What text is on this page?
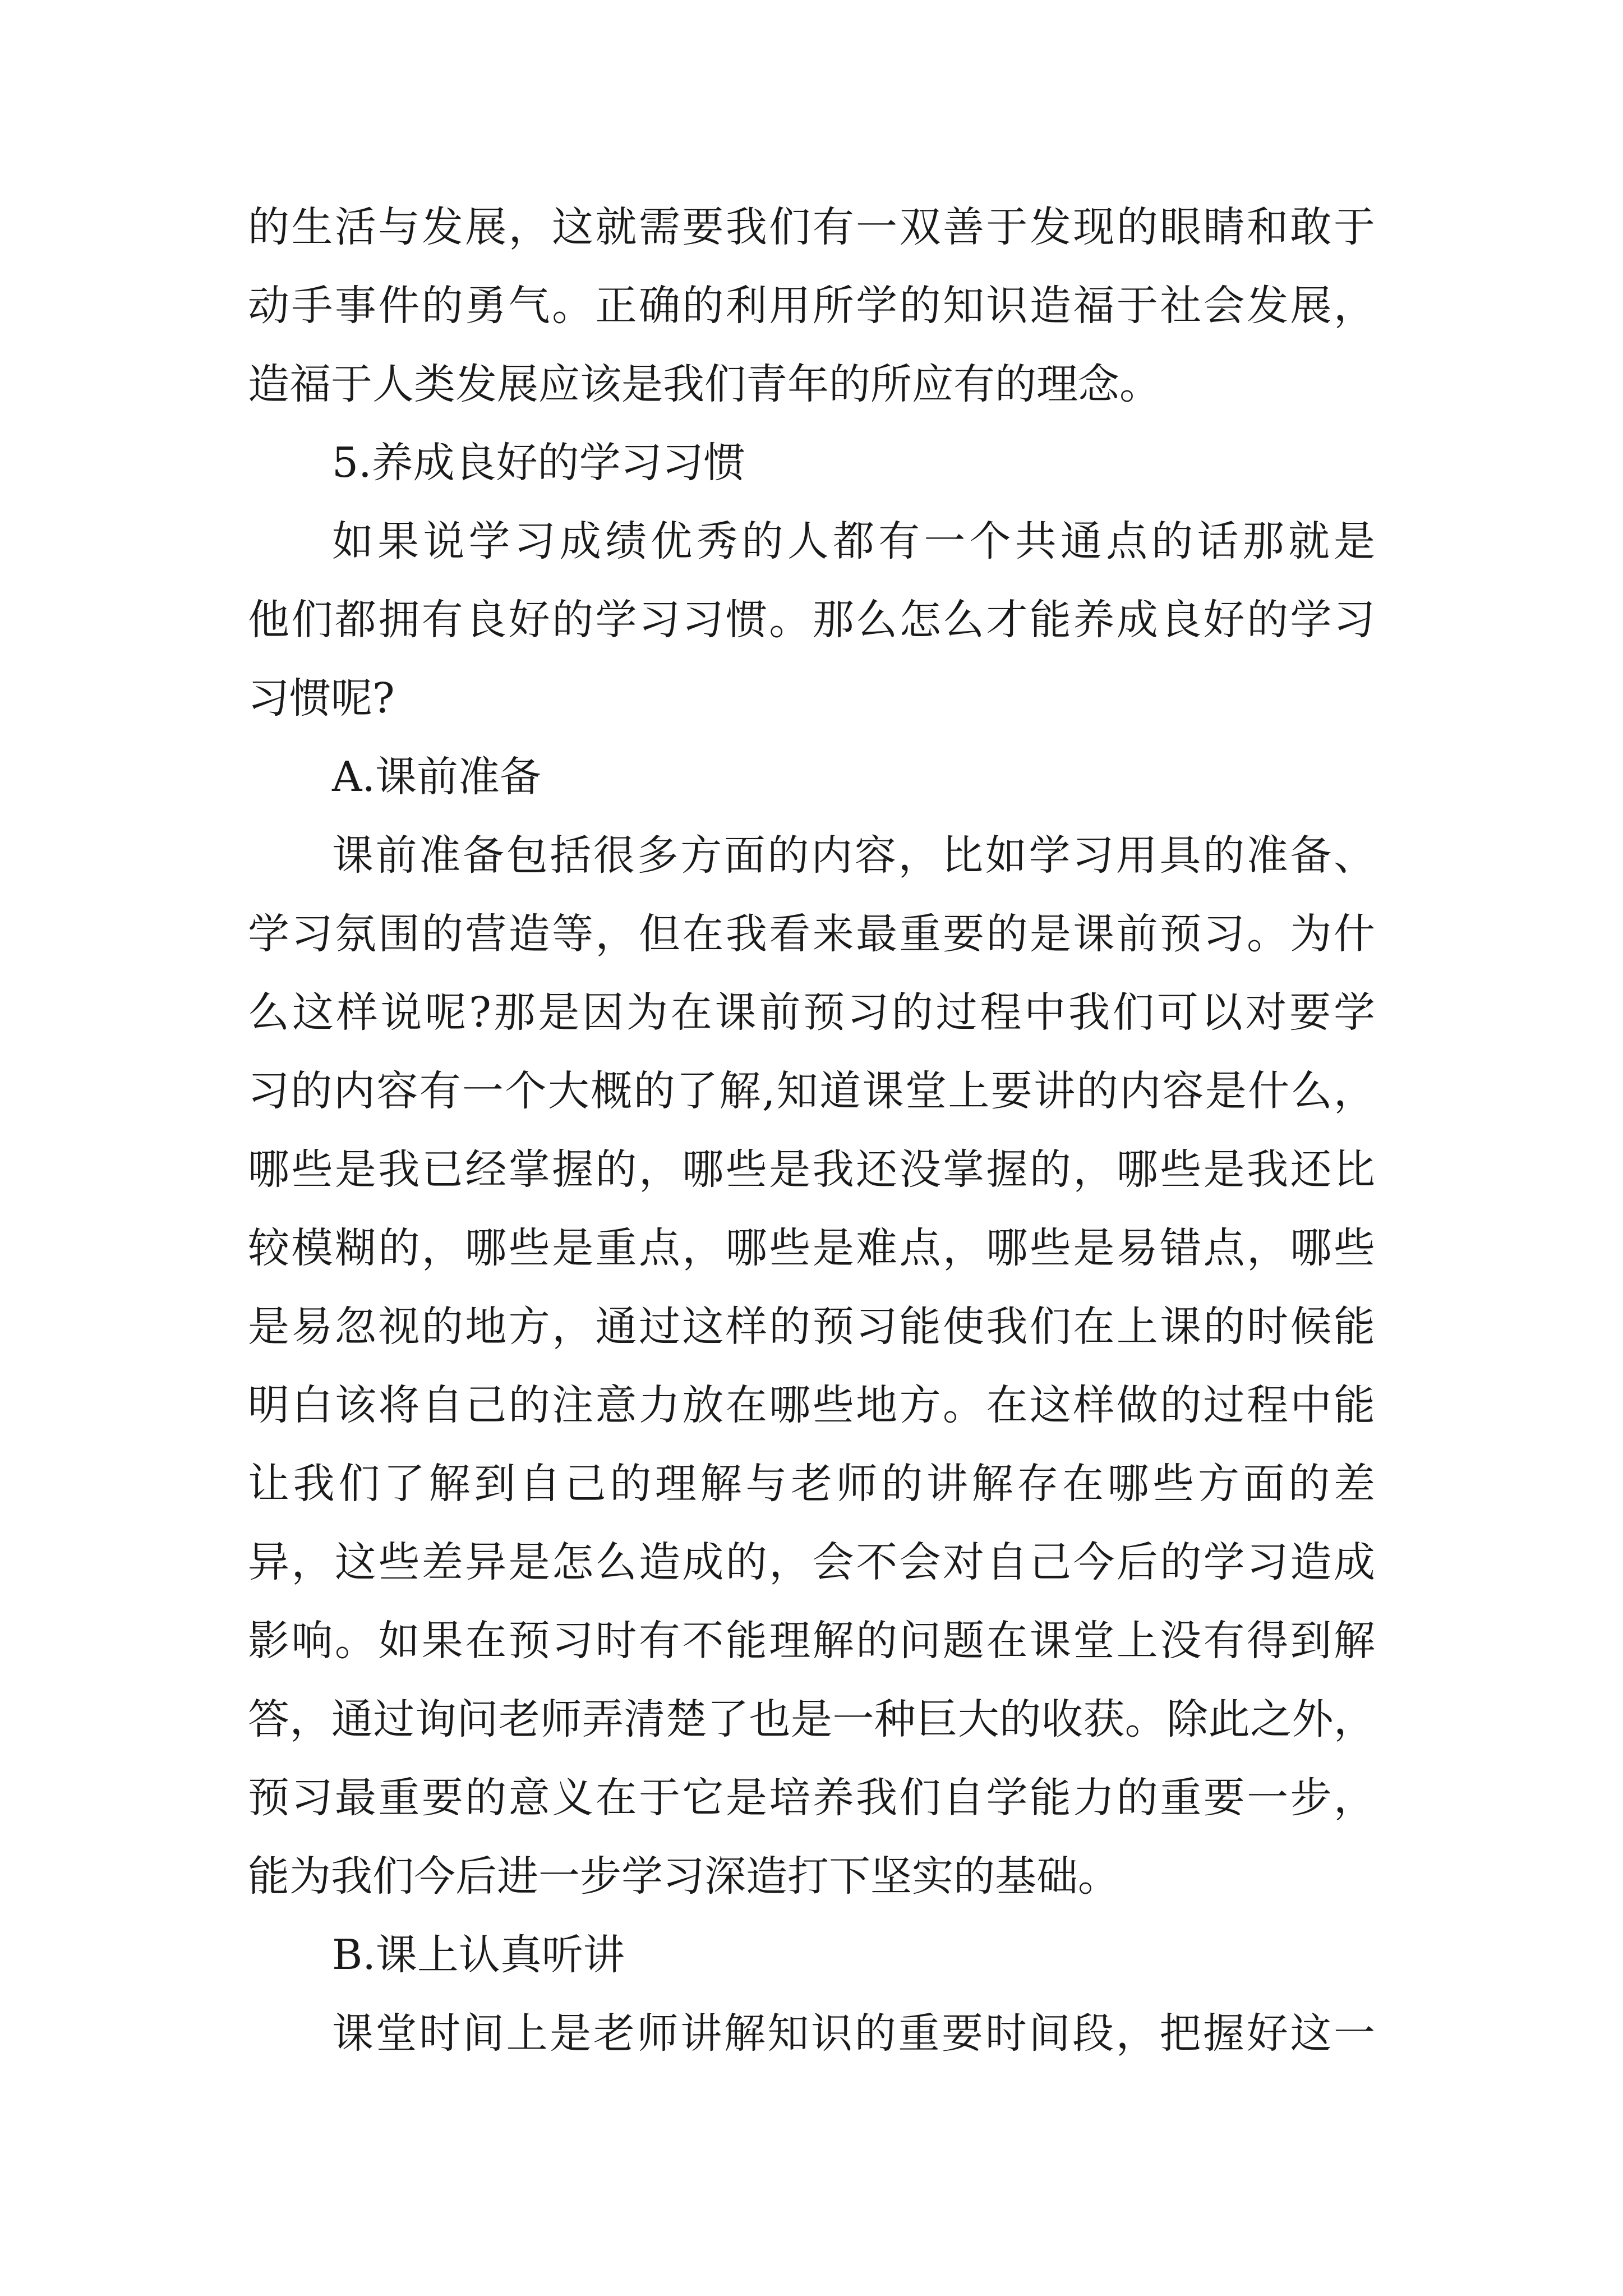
的生活与发展，这就需要我们有一双善于发现的眼睛和敢于
动手事件的勇气。正确的利用所学的知识造福于社会发展，
造福于人类发展应该是我们青年的所应有的理念。
5.养成良好的学习习惯
如果说学习成绩优秀的人都有一个共通点的话那就是
他们都拥有良好的学习习惯。那么怎么才能养成良好的学习
习惯呢?
A.课前准备
课前准备包括很多方面的内容，比如学习用具的准备、
学习氛围的营造等，但在我看来最重要的是课前预习。为什
么这样说呢?那是因为在课前预习的过程中我们可以对要学
习的内容有一个大概的了解,知道课堂上要讲的内容是什么，
哪些是我已经掌握的，哪些是我还没掌握的，哪些是我还比
较模糊的，哪些是重点，哪些是难点，哪些是易错点，哪些
是易忽视的地方，通过这样的预习能使我们在上课的时候能
明白该将自己的注意力放在哪些地方。在这样做的过程中能
让我们了解到自己的理解与老师的讲解存在哪些方面的差
异，这些差异是怎么造成的，会不会对自己今后的学习造成
影响。如果在预习时有不能理解的问题在课堂上没有得到解
答，通过询问老师弄清楚了也是一种巨大的收获。除此之外，
预习最重要的意义在于它是培养我们自学能力的重要一步，
能为我们今后进一步学习深造打下坚实的基础。
B.课上认真听讲
课堂时间上是老师讲解知识的重要时间段，把握好这一
